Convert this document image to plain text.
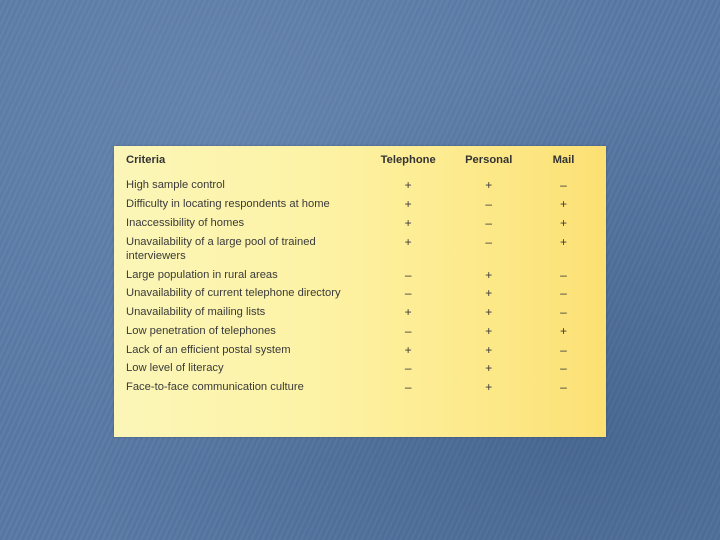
Criteria	Telephone	Personal	Mail
High sample control	+	+	–
Difficulty in locating respondents at home	+	–	+
Inaccessibility of homes	+	–	+
Unavailability of a large pool of trained interviewers	+	–	+
Large population in rural areas	–	+	–
Unavailability of current telephone directory	–	+	–
Unavailability of mailing lists	+	+	–
Low penetration of telephones	–	+	+
Lack of an efficient postal system	+	+	–
Low level of literacy	–	+	–
Face-to-face communication culture	–	+	–
